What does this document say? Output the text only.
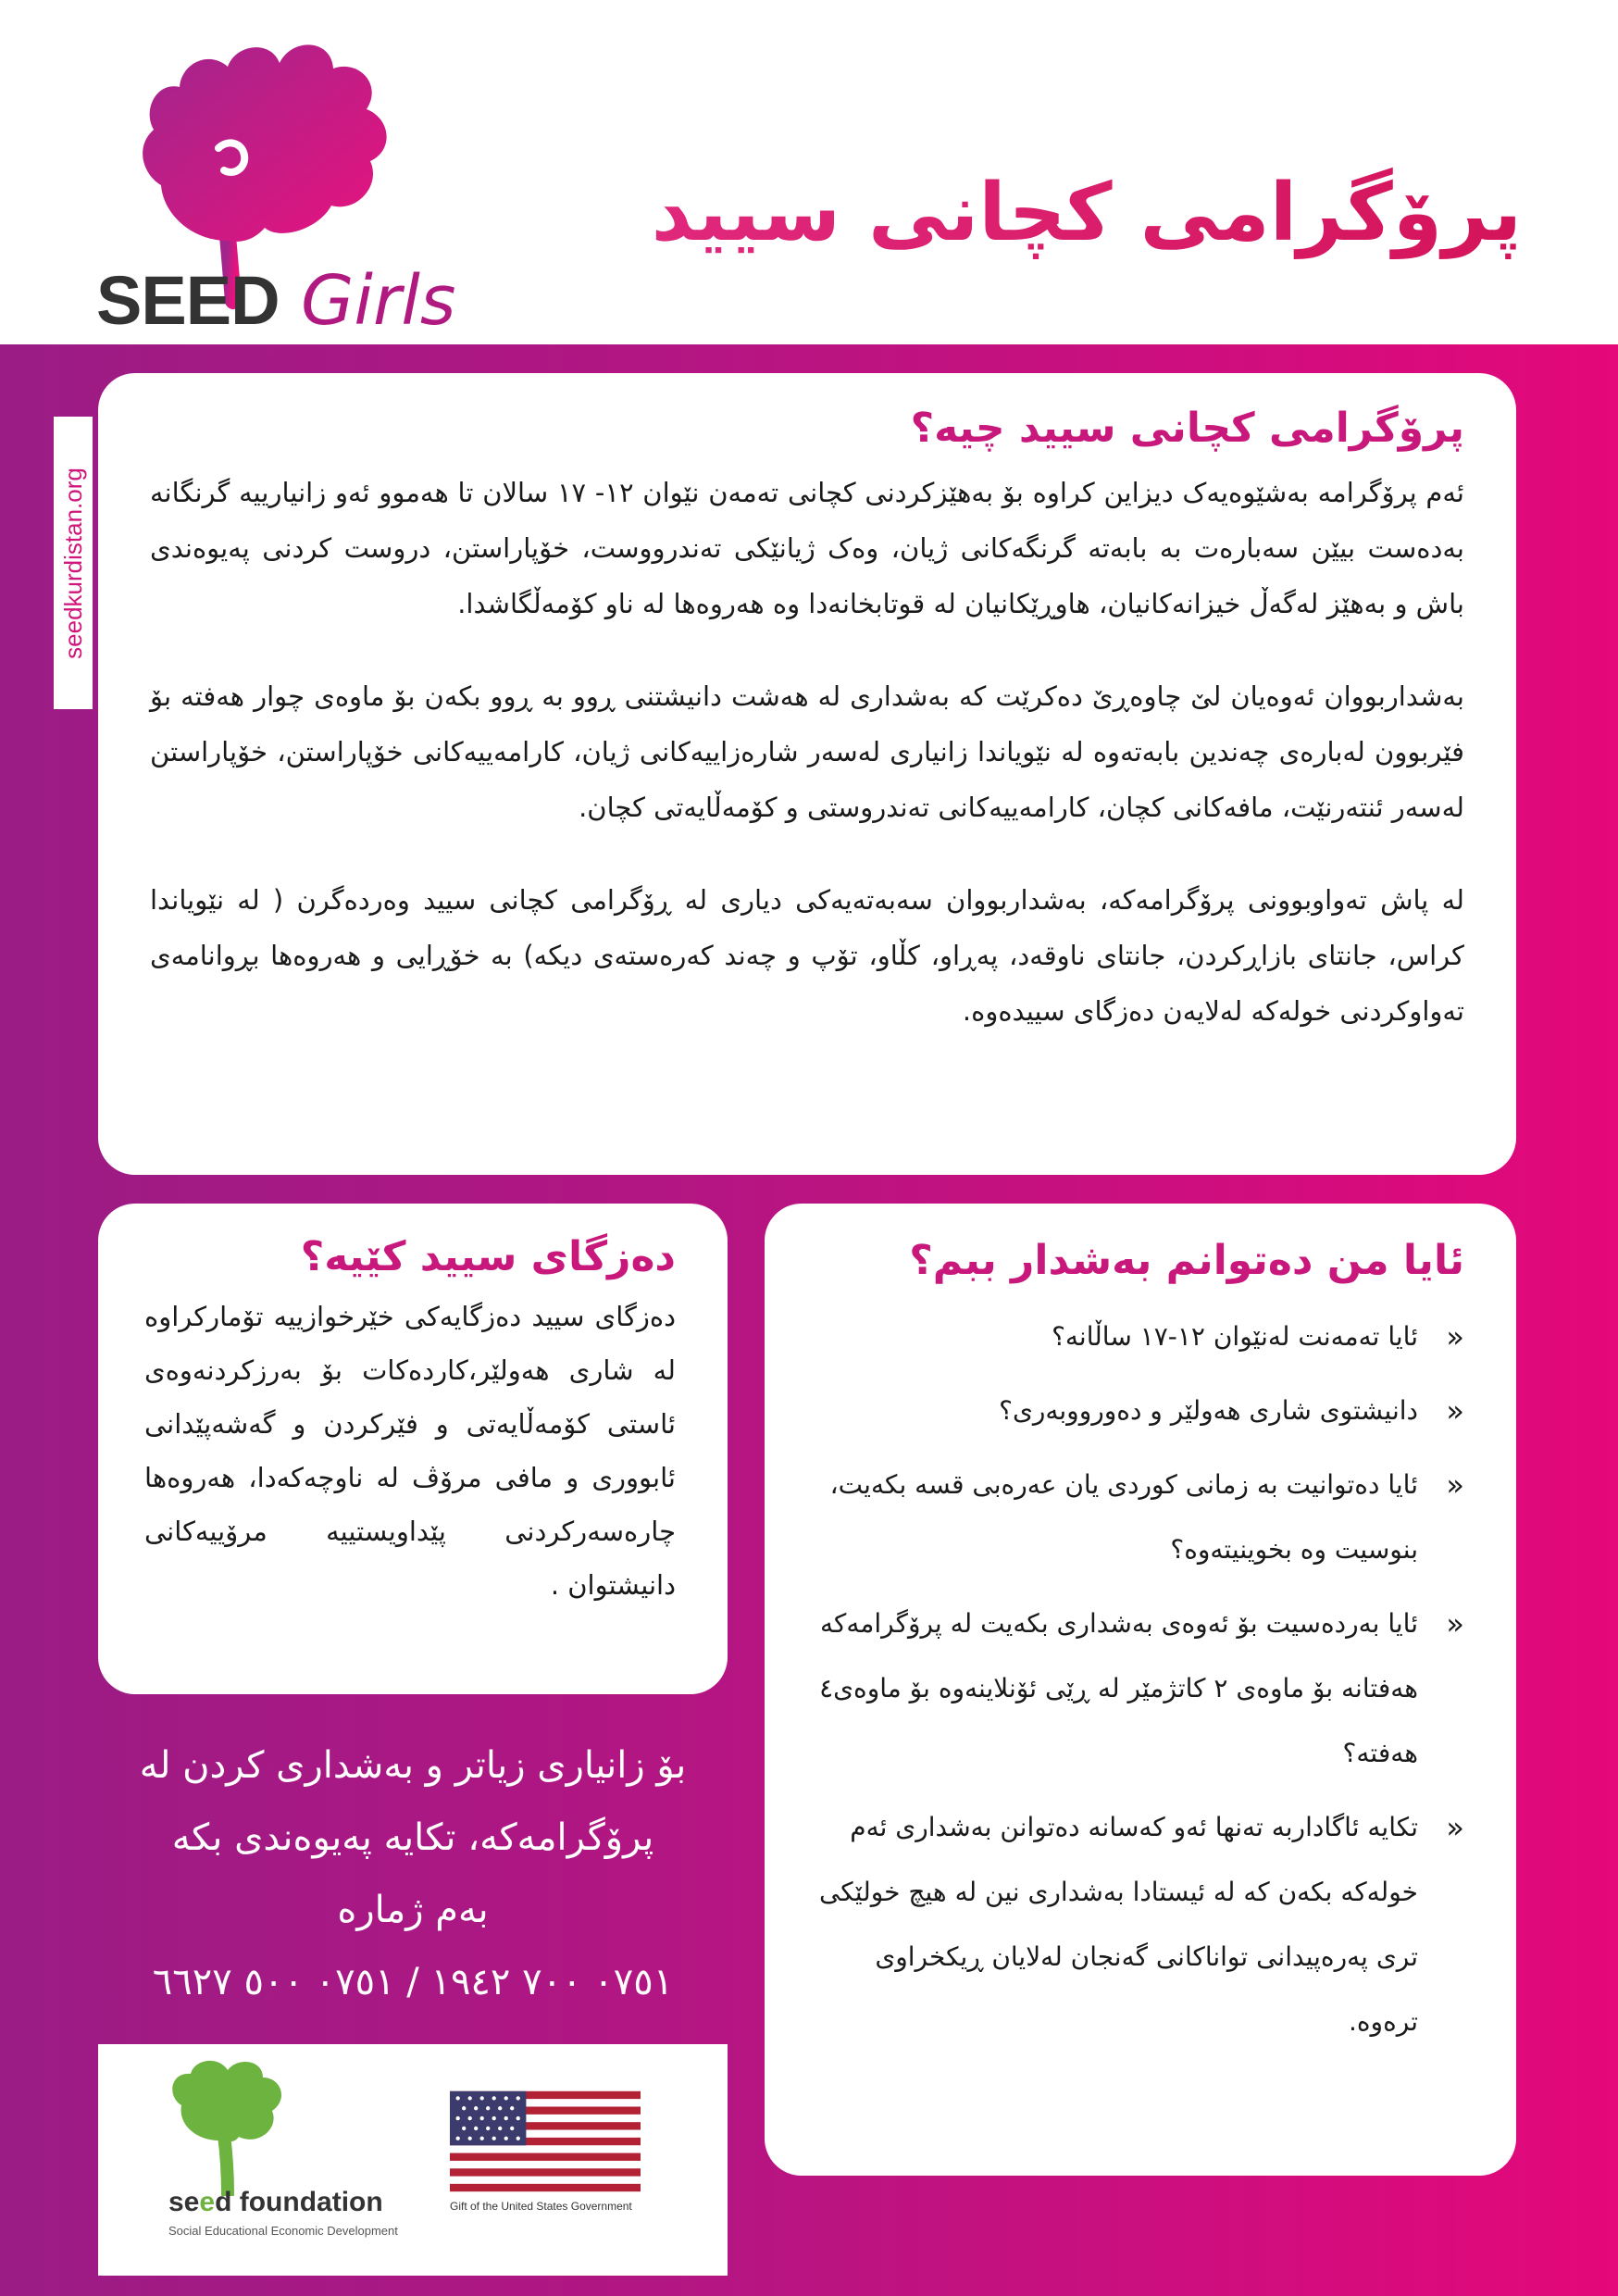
SEED Girls
پرۆگرامی کچانی سیید
seedkurdistan.org
پرۆگرامی کچانی سیید چیە؟

ئەم پرۆگرامە بەشێوەیەک دیزاین کراوە بۆ بەهێزکردنی کچانی تەمەن نێوان ١٢- ١٧ سالان تا هەموو ئەو زانیارییە گرنگانە بەدەست بیێن سەبارەت بە بابەتە گرنگەکانی ژیان، وەک ژیانێکی تەندرووست، خۆپاراستن، دروست کردنی پەیوەندی باش و بەهێز لەگەڵ خیزانەکانیان، هاوڕێکانیان لە قوتابخانەدا وە هەروەها لە ناو کۆمەڵگاشدا.

بەشداربووان ئەوەیان لێ چاوەڕێ دەکرێت کە بەشداری لە هەشت دانیشتنی ڕوو بە ڕوو بکەن بۆ ماوەی چوار هەفتە بۆ فێربوون لەبارەی چەندین بابەتەوە لە نێویاندا زانیاری لەسەر شارەزاییەکانی ژیان، کارامەییەکانی خۆپاراستن، خۆپاراستن لەسەر ئنتەرنێت، مافەکانی کچان، کارامەییەکانی تەندروستی و کۆمەڵایەتی کچان.

لە پاش تەواوبوونی پرۆگرامەکە، بەشداربووان سەبەتەیەکی دیاری لە ڕۆگرامی کچانی سیید وەردەگرن ( لە نێویاندا کراس، جانتای بازاڕکردن، جانتای ناوقەد، پەڕاو، کڵاو، تۆپ و چەند کەرەستەی دیکە) بە خۆڕایی و هەروەها بڕوانامەی تەواوکردنی خولەکە لەلایەن دەزگای سییدەوە.

دەزگای سیید کێیە؟

دەزگای سیید دەزگایەکی خێرخوازییە تۆمارکراوە لە شاری هەولێر،کاردەکات بۆ بەرزکردنەوەی ئاستی کۆمەڵایەتی و فێرکردن و گەشەپێدانی ئابووری و مافی مرۆڤ لە ناوچەکەدا، هەروەها چارەسەرکردنی پێداویستییە مرۆییەکانی دانیشتوان .

بۆ زانیاری زیاتر و بەشداری کردن لە
پرۆگرامەکە، تکایە پەیوەندی بکە
بەم ژمارە
٠٧٥١ ٧٠٠ ١٩٤٢ / ٠٧٥١ ٥٠٠ ٦٦٢٧
ئایا من دەتوانم بەشدار ببم؟
«
ئایا تەمەنت لەنێوان ١٢-١٧ ساڵانە؟
«
دانیشتوی شاری هەولێر و دەورووبەری؟
«
ئایا دەتوانیت بە زمانی کوردی یان عەرەبی قسە بکەیت، بنوسیت وە بخوینیتەوە؟
«
ئایا بەردەسیت بۆ ئەوەی بەشداری بکەیت لە پرۆگرامەکە هەفتانە بۆ ماوەی ٢ کاتژمێر لە ڕێی ئۆنلاینەوە بۆ ماوەی٤ هەفتە؟
«
تکایە ئاگاداربە تەنها ئەو کەسانە دەتوانن بەشداری ئەم خولەکە بکەن کە لە ئیستادا بەشداری نین لە هیچ خولێکی تری پەرەپیدانی تواناکانی گەنجان لەلایان ڕیکخراوی ترەوە.
seed foundation
Social Educational Economic Development
Gift of the United States Government
